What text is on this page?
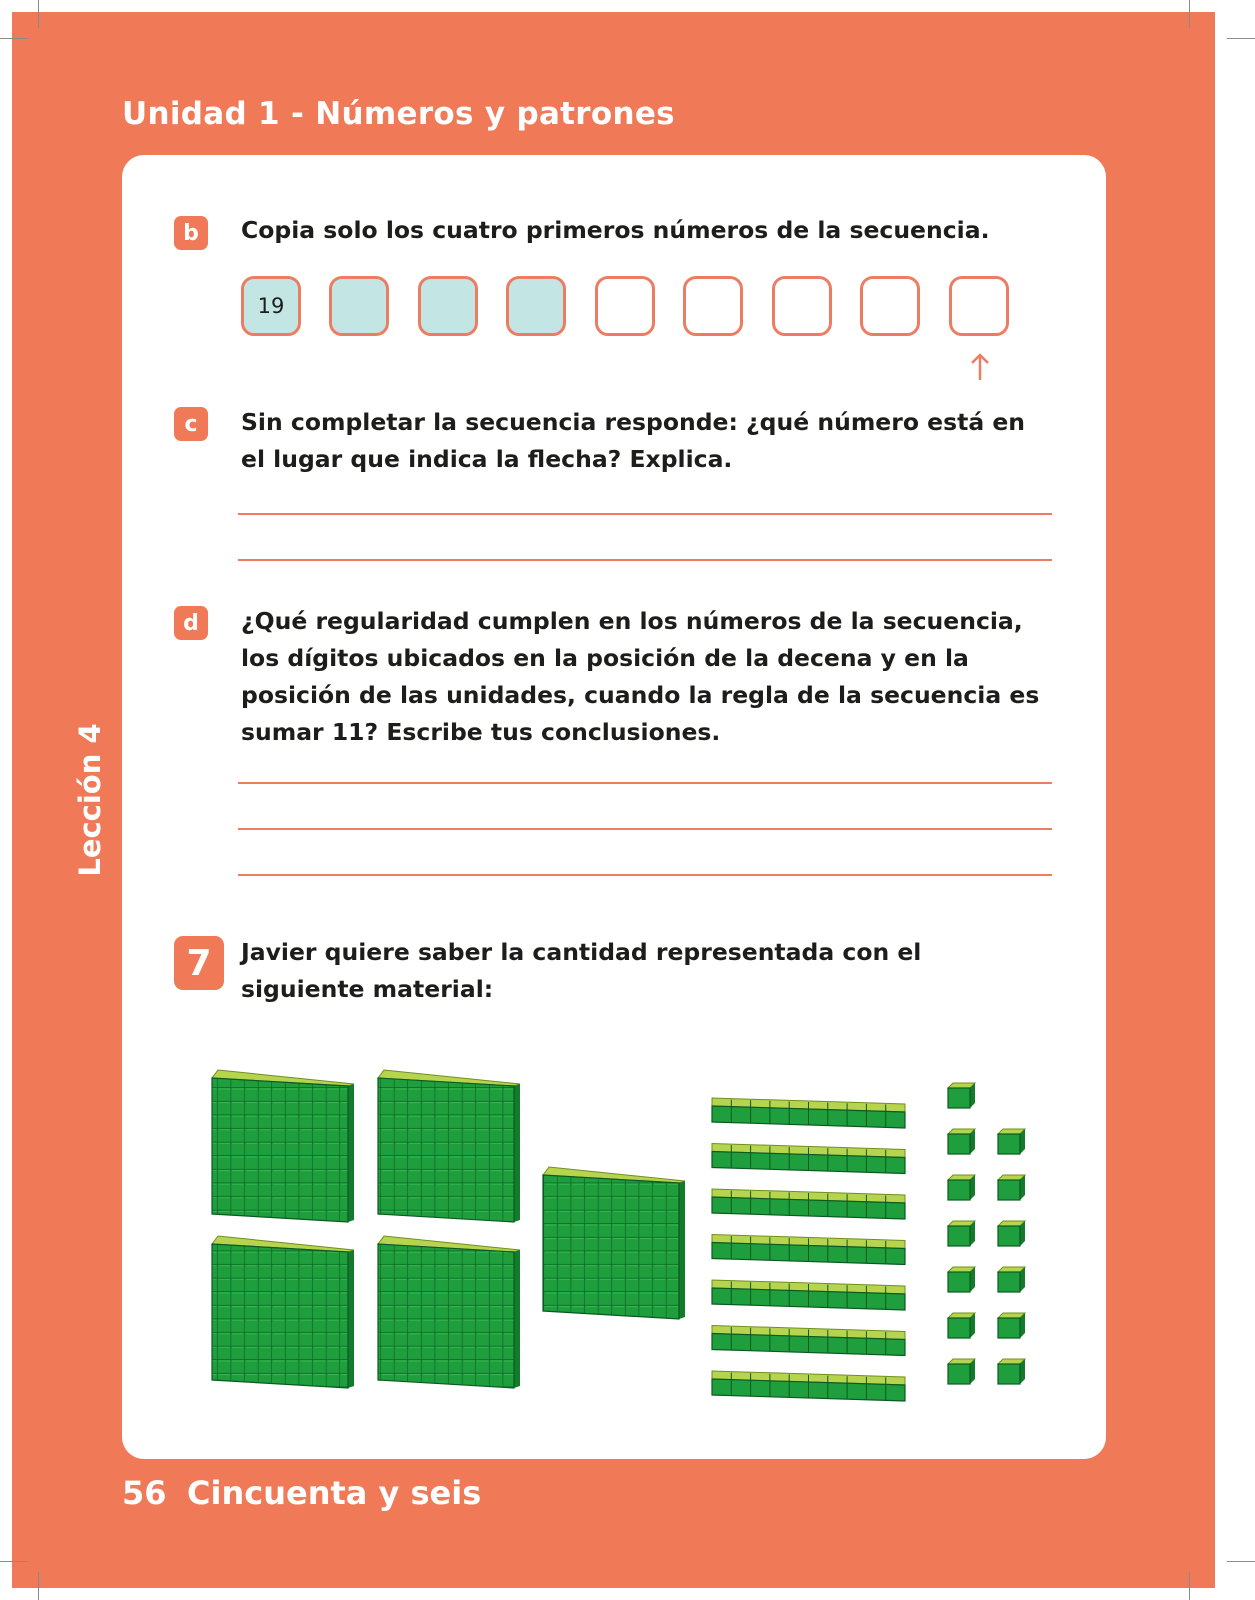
Unidad 1 - Números y patrones
Lección 4
b	Copia solo los cuatro primeros números de la secuencia.
19
c	Sin completar la secuencia responde: ¿qué número está en
el lugar que indica la flecha? Explica.
d	¿Qué regularidad cumplen en los números de la secuencia,
los dígitos ubicados en la posición de la decena y en la
posición de las unidades, cuando la regla de la secuencia es
sumar 11? Escribe tus conclusiones.
7	Javier quiere saber la cantidad representada con el
siguiente material:
56 Cincuenta y seis
